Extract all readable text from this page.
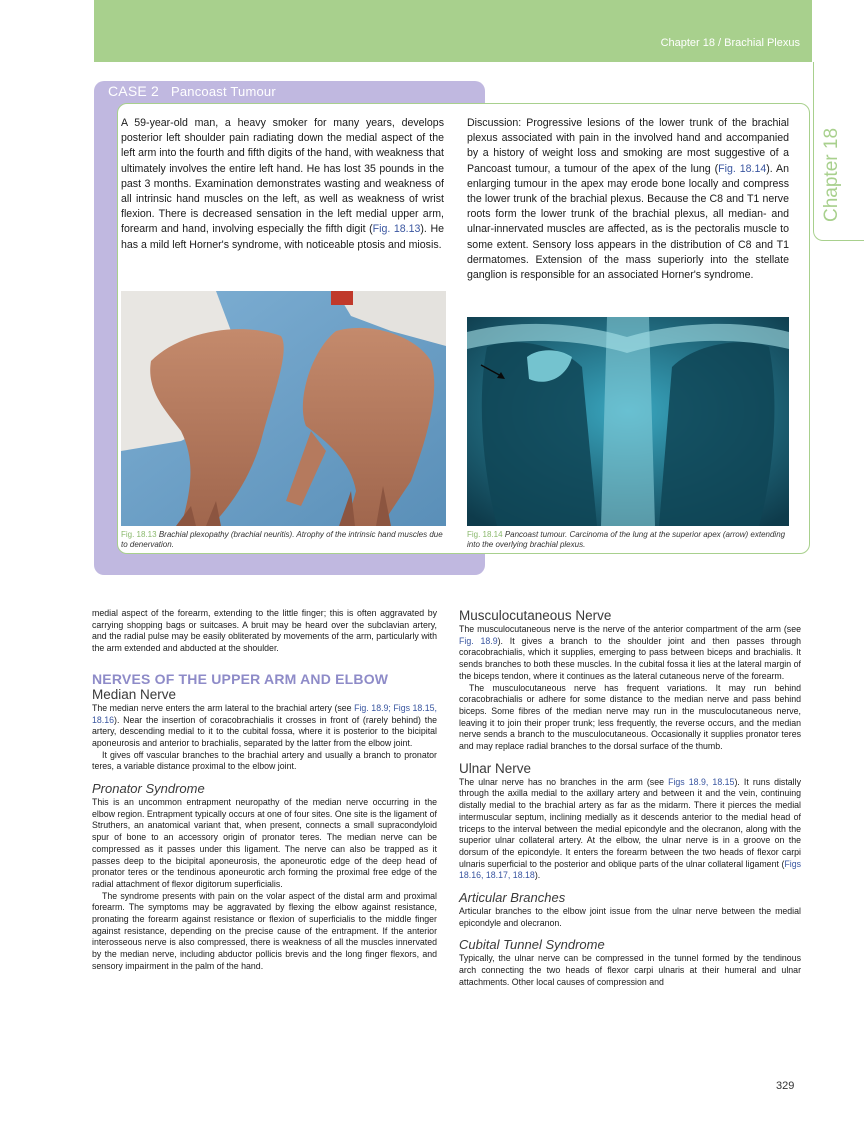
Chapter 18 / Brachial Plexus
Chapter 18
CASE 2 Pancoast Tumour

A 59-year-old man, a heavy smoker for many years, develops posterior left shoulder pain radiating down the medial aspect of the left arm into the fourth and fifth digits of the hand, with weakness that ultimately involves the entire left hand. He has lost 35 pounds in the past 3 months. Examination demonstrates wasting and weakness of all intrinsic hand muscles on the left, as well as weakness of wrist flexion. There is decreased sensation in the left medial upper arm, forearm and hand, involving especially the fifth digit (Fig. 18.13). He has a mild left Horner's syndrome, with noticeable ptosis and miosis.

Discussion: Progressive lesions of the lower trunk of the brachial plexus associated with pain in the involved hand and accompanied by a history of weight loss and smoking are most suggestive of a Pancoast tumour, a tumour of the apex of the lung (Fig. 18.14). An enlarging tumour in the apex may erode bone locally and compress the lower trunk of the brachial plexus. Because the C8 and T1 nerve roots form the lower trunk of the brachial plexus, all median- and ulnar-innervated muscles are affected, as is the pectoralis muscle to some extent. Sensory loss appears in the distribution of C8 and T1 dermatomes. Extension of the mass superiorly into the stellate ganglion is responsible for an associated Horner's syndrome.

Fig. 18.13 Brachial plexopathy (brachial neuritis). Atrophy of the intrinsic hand muscles due to denervation.

Fig. 18.14 Pancoast tumour. Carcinoma of the lung at the superior apex (arrow) extending into the overlying brachial plexus.

medial aspect of the forearm, extending to the little finger; this is often aggravated by carrying shopping bags or suitcases. A bruit may be heard over the subclavian artery, and the radial pulse may be easily obliterated by movements of the arm, particularly with the arm extended and abducted at the shoulder.

NERVES OF THE UPPER ARM AND ELBOW
Median Nerve

The median nerve enters the arm lateral to the brachial artery (see Fig. 18.9; Figs 18.15, 18.16). Near the insertion of coracobrachialis it crosses in front of (rarely behind) the artery, descending medial to it to the cubital fossa, where it is posterior to the bicipital aponeurosis and anterior to brachialis, separated by the latter from the elbow joint.

It gives off vascular branches to the brachial artery and usually a branch to pronator teres, a variable distance proximal to the elbow joint.

Pronator Syndrome

This is an uncommon entrapment neuropathy of the median nerve occurring in the elbow region. Entrapment typically occurs at one of four sites. One site is the ligament of Struthers, an anatomical variant that, when present, connects a small supracondyloid spur of bone to an accessory origin of pronator teres. The median nerve can be compressed as it passes under this ligament. The nerve can also be trapped as it passes deep to the bicipital aponeurosis, the aponeurotic edge of the deep head of pronator teres or the tendinous aponeurotic arch forming the proximal free edge of the radial attachment of flexor digitorum superficialis.

The syndrome presents with pain on the volar aspect of the distal arm and proximal forearm. The symptoms may be aggravated by flexing the elbow against resistance, pronating the forearm against resistance or flexion of superficialis to the middle finger against resistance, depending on the precise cause of the entrapment. If the anterior interosseous nerve is also compressed, there is weakness of all the muscles innervated by the median nerve, including abductor pollicis brevis and the long finger flexors, and sensory impairment in the palm of the hand.

Musculocutaneous Nerve

The musculocutaneous nerve is the nerve of the anterior compartment of the arm (see Fig. 18.9). It gives a branch to the shoulder joint and then passes through coracobrachialis, which it supplies, emerging to pass between biceps and brachialis. It sends branches to both these muscles. In the cubital fossa it lies at the lateral margin of the biceps tendon, where it continues as the lateral cutaneous nerve of the forearm.

The musculocutaneous nerve has frequent variations. It may run behind coracobrachialis or adhere for some distance to the median nerve and pass behind biceps. Some fibres of the median nerve may run in the musculocutaneous nerve, leaving it to join their proper trunk; less frequently, the reverse occurs, and the median nerve sends a branch to the musculocutaneous. Occasionally it supplies pronator teres and may replace radial branches to the dorsal surface of the thumb.

Ulnar Nerve

The ulnar nerve has no branches in the arm (see Figs 18.9, 18.15). It runs distally through the axilla medial to the axillary artery and between it and the vein, continuing distally medial to the brachial artery as far as the midarm. There it pierces the medial intermuscular septum, inclining medially as it descends anterior to the medial head of triceps to the interval between the medial epicondyle and the olecranon, along with the superior ulnar collateral artery. At the elbow, the ulnar nerve is in a groove on the dorsum of the epicondyle. It enters the forearm between the two heads of flexor carpi ulnaris superficial to the posterior and oblique parts of the ulnar collateral ligament (Figs 18.16, 18.17, 18.18).

Articular Branches

Articular branches to the elbow joint issue from the ulnar nerve between the medial epicondyle and olecranon.

Cubital Tunnel Syndrome

Typically, the ulnar nerve can be compressed in the tunnel formed by the tendinous arch connecting the two heads of flexor carpi ulnaris at their humeral and ulnar attachments. Other local causes of compression and

329
